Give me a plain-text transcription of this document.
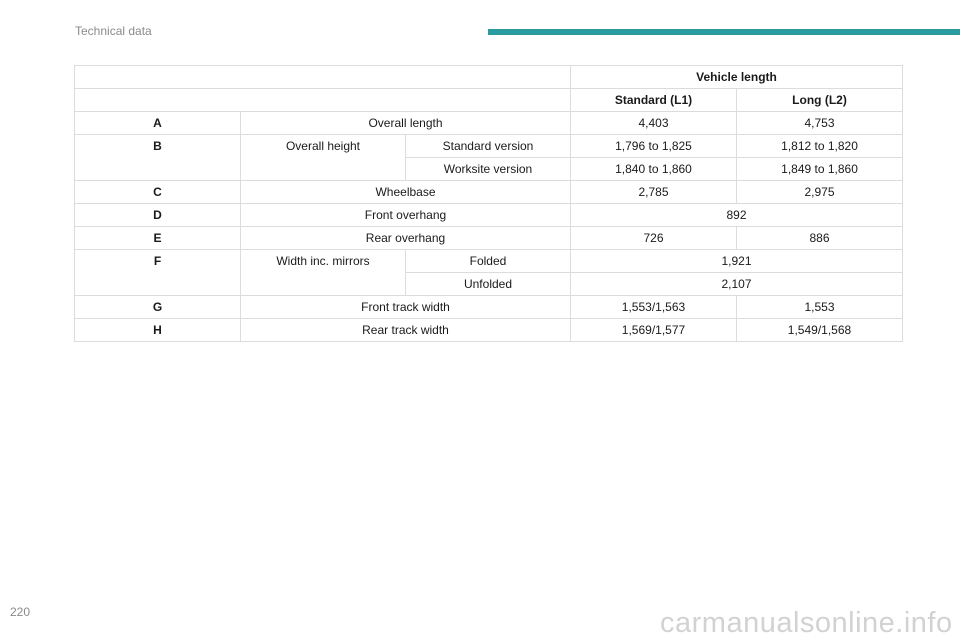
Technical data
			Vehicle length	
			Standard (L1)	Long (L2)
A	Overall length		4,403	4,753
B	Overall height	Standard version	1,796 to 1,825	1,812 to 1,820
		Worksite version	1,840 to 1,860	1,849 to 1,860
C	Wheelbase		2,785	2,975
D	Front overhang		892	
E	Rear overhang		726	886
F	Width inc. mirrors	Folded	1,921	
		Unfolded	2,107	
G	Front track width		1,553/1,563	1,553
H	Rear track width		1,569/1,577	1,549/1,568
220	carmanualsonline.info
